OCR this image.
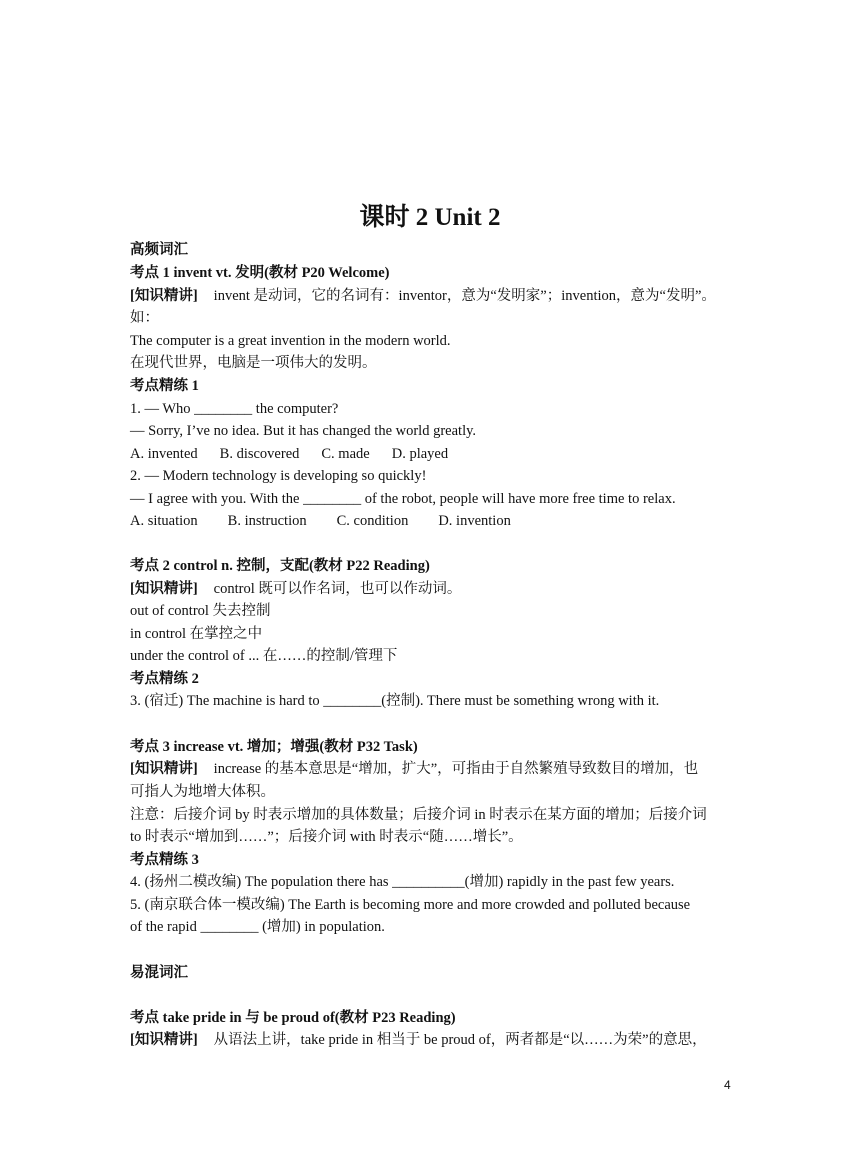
课时 2 Unit 2
高频词汇
考点 1 invent vt. 发明(教材 P20 Welcome)
[知识精讲] invent 是动词，它的名词有：inventor，意为“发明家”；invention，意为“发明”。
如：
The computer is a great invention in the modern world.
在现代世界，电脑是一项伟大的发明。
考点精练 1
1. — Who ________ the computer?
— Sorry, I’ve no idea. But it has changed the world greatly.
A. invented B. discovered C. made D. played
2. — Modern technology is developing so quickly!
— I agree with you. With the ________ of the robot, people will have more free time to relax.
A. situation B. instruction C. condition D. invention
考点 2 control n. 控制，支配(教材 P22 Reading)
[知识精讲] control 既可以作名词，也可以作动词。
out of control 失去控制
in control 在掌控之中
under the control of ... 在……的控制/管理下
考点精练 2
3. (宿迁) The machine is hard to ________(控制). There must be something wrong with it.
考点 3 increase vt. 增加；增强(教材 P32 Task)
[知识精讲] increase 的基本意思是“增加，扩大”，可指由于自然繁殖导致数目的增加，也
可指人为地增大体积。
注意：后接介词 by 时表示增加的具体数量；后接介词 in 时表示在某方面的增加；后接介词
to 时表示“增加到……”；后接介词 with 时表示“随……增长”。
考点精练 3
4. (扬州二模改编) The population there has __________(增加) rapidly in the past few years.
5. (南京联合体一模改编) The Earth is becoming more and more crowded and polluted because
of the rapid ________ (增加) in population.
易混词汇
考点 take pride in 与 be proud of(教材 P23 Reading)
[知识精讲] 从语法上讲，take pride in 相当于 be proud of，两者都是“以……为荣”的意思，
4
